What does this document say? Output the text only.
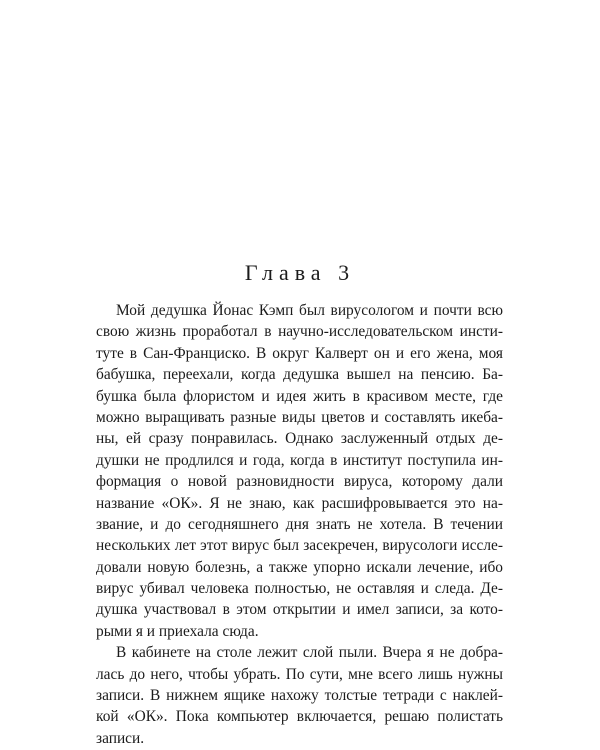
Глава 3
Мой дедушка Йонас Кэмп был вирусологом и почти всю
свою жизнь проработал в научно-исследовательском инсти-
туте в Сан-Франциско. В округ Калверт он и его жена, моя
бабушка, переехали, когда дедушка вышел на пенсию. Ба-
бушка была флористом и идея жить в красивом месте, где
можно выращивать разные виды цветов и составлять икеба-
ны, ей сразу понравилась. Однако заслуженный отдых де-
душки не продлился и года, когда в институт поступила ин-
формация о новой разновидности вируса, которому дали
название «ОК». Я не знаю, как расшифровывается это на-
звание, и до сегодняшнего дня знать не хотела. В течении
нескольких лет этот вирус был засекречен, вирусологи иссле-
довали новую болезнь, а также упорно искали лечение, ибо
вирус убивал человека полностью, не оставляя и следа. Де-
душка участвовал в этом открытии и имел записи, за кото-
рыми я и приехала сюда.
В кабинете на столе лежит слой пыли. Вчера я не добра-
лась до него, чтобы убрать. По сути, мне всего лишь нужны
записи. В нижнем ящике нахожу толстые тетради с наклей-
кой «ОК». Пока компьютер включается, решаю полистать
записи.
